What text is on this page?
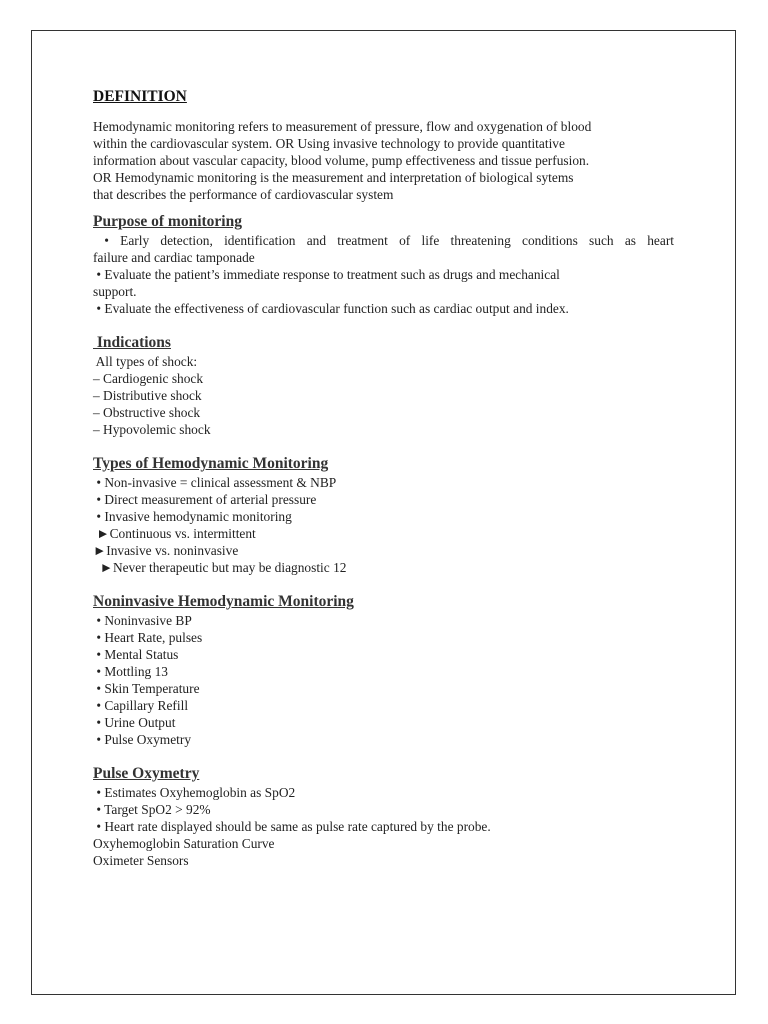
DEFINITION

Hemodynamic monitoring refers to measurement of pressure, flow and oxygenation of blood

within the cardiovascular system. OR Using invasive technology to provide quantitative

information about vascular capacity, blood volume, pump effectiveness and tissue perfusion.

OR Hemodynamic monitoring is the measurement and interpretation of biological sytems

that describes the performance of cardiovascular system

Purpose of monitoring

• Early detection, identification and treatment of life threatening conditions such as heart

failure and cardiac tamponade

• Evaluate the patient’s immediate response to treatment such as drugs and mechanical

support.

• Evaluate the effectiveness of cardiovascular function such as cardiac output and index.

Indications

All types of shock:

– Cardiogenic shock

– Distributive shock

– Obstructive shock

– Hypovolemic shock

Types of Hemodynamic Monitoring

• Non-invasive = clinical assessment & NBP

• Direct measurement of arterial pressure

• Invasive hemodynamic monitoring

►Continuous vs. intermittent

►Invasive vs. noninvasive

►Never therapeutic but may be diagnostic 12

Noninvasive Hemodynamic Monitoring

• Noninvasive BP

• Heart Rate, pulses

• Mental Status

• Mottling 13

• Skin Temperature

• Capillary Refill

• Urine Output

• Pulse Oxymetry

Pulse Oxymetry

• Estimates Oxyhemoglobin as SpO2

• Target SpO2 > 92%

• Heart rate displayed should be same as pulse rate captured by the probe.

Oxyhemoglobin Saturation Curve

Oximeter Sensors
